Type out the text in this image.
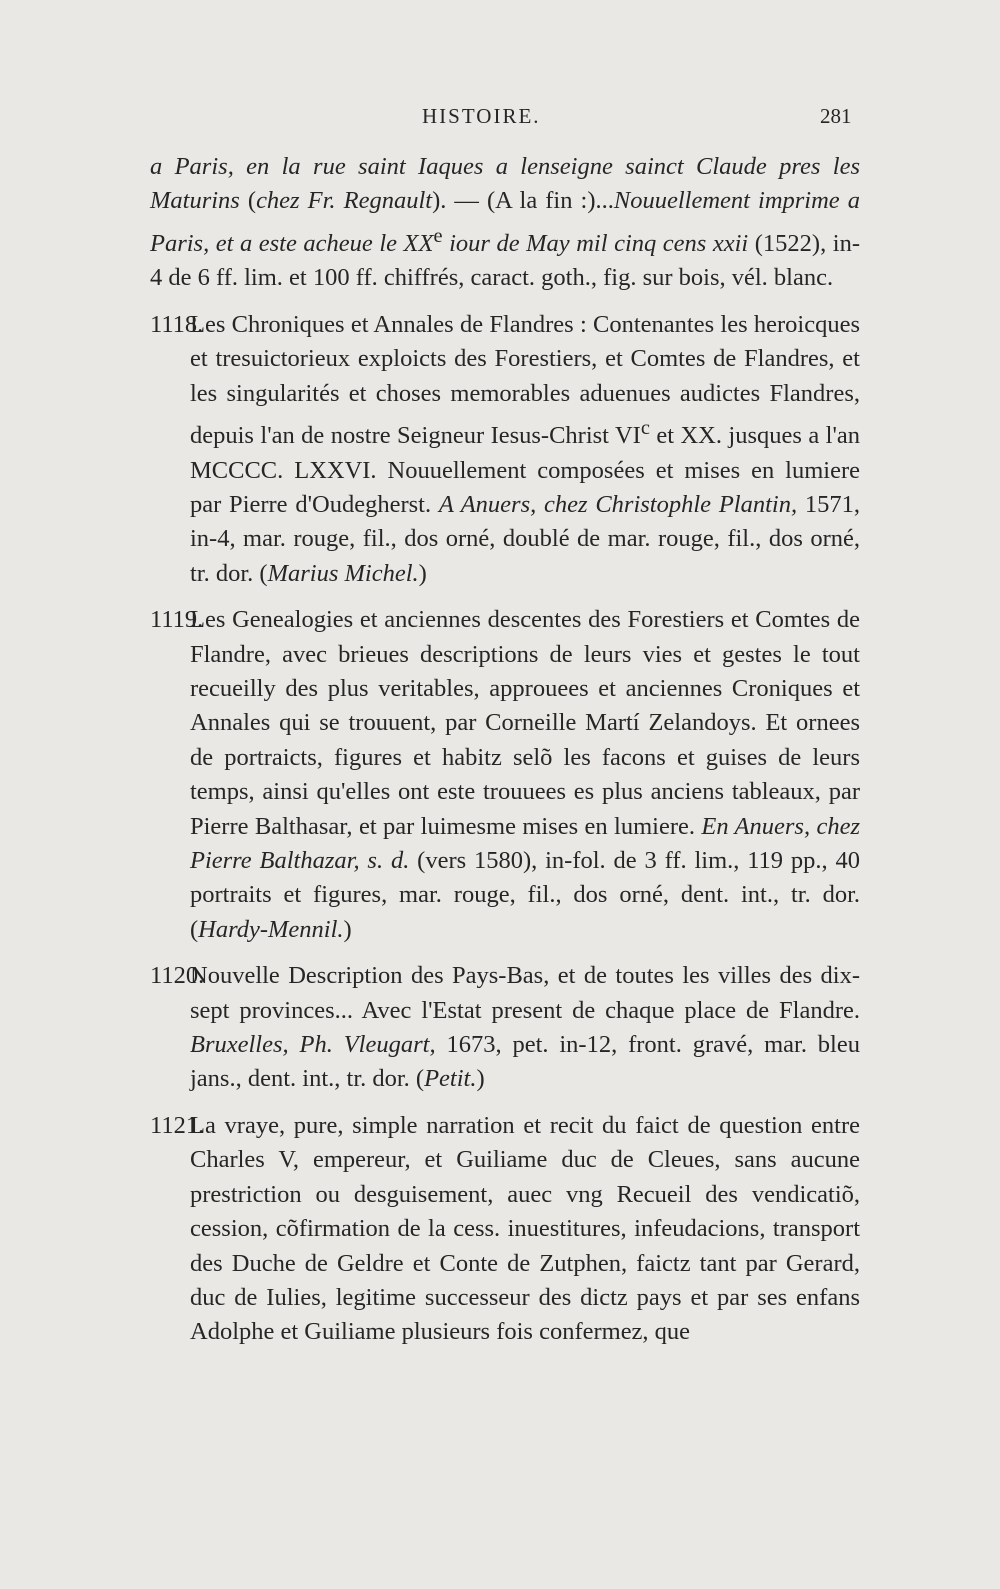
HISTOIRE.	281

a Paris, en la rue saint Iaques a lenseigne sainct Claude pres les Maturins (chez Fr. Regnault). — (A la fin :)...Nouuellement imprime a Paris, et a este acheue le XXe iour de May mil cinq cens xxii (1522), in-4 de 6 ff. lim. et 100 ff. chiffrés, caract. goth., fig. sur bois, vél. blanc.

1118.Les Chroniques et Annales de Flandres : Contenantes les heroicques et tresuictorieux exploicts des Forestiers, et Comtes de Flandres, et les singularités et choses memorables aduenues audictes Flandres, depuis l'an de nostre Seigneur Iesus-Christ $VI^c$ et XX. jusques a l'an MCCCC. LXXVI. Nouuellement composées et mises en lumiere par Pierre d'Oudegherst. A Anuers, chez Christophle Plantin, 1571, in-4, mar. rouge, fil., dos orné, doublé de mar. rouge, fil., dos orné, tr. dor. (Marius Michel.)

1119.Les Genealogies et anciennes descentes des Forestiers et Comtes de Flandre, avec brieues descriptions de leurs vies et gestes le tout recueilly des plus veritables, approuees et anciennes Croniques et Annales qui se trouuent, par Corneille Martí Zelandoys. Et ornees de portraicts, figures et habitz selõ les facons et guises de leurs temps, ainsi qu'elles ont este trouuees es plus anciens tableaux, par Pierre Balthasar, et par luimesme mises en lumiere. En Anuers, chez Pierre Balthazar, s. d. (vers 1580), in-fol. de 3 ff. lim., 119 pp., 40 portraits et figures, mar. rouge, fil., dos orné, dent. int., tr. dor. (Hardy-Mennil.)

1120.Nouvelle Description des Pays-Bas, et de toutes les villes des dix-sept provinces... Avec l'Estat present de chaque place de Flandre. Bruxelles, Ph. Vleugart, 1673, pet. in-12, front. gravé, mar. bleu jans., dent. int., tr. dor. (Petit.)

1121.La vraye, pure, simple narration et recit du faict de question entre Charles V, empereur, et Guiliame duc de Cleues, sans aucune prestriction ou desguisement, auec vng Recueil des vendicatiõ, cession, cõfirmation de la cess. inuestitures, infeudacions, transport des Duche de Geldre et Conte de Zutphen, faictz tant par Gerard, duc de Iulies, legitime successeur des dictz pays et par ses enfans Adolphe et Guiliame plusieurs fois confermez, que
